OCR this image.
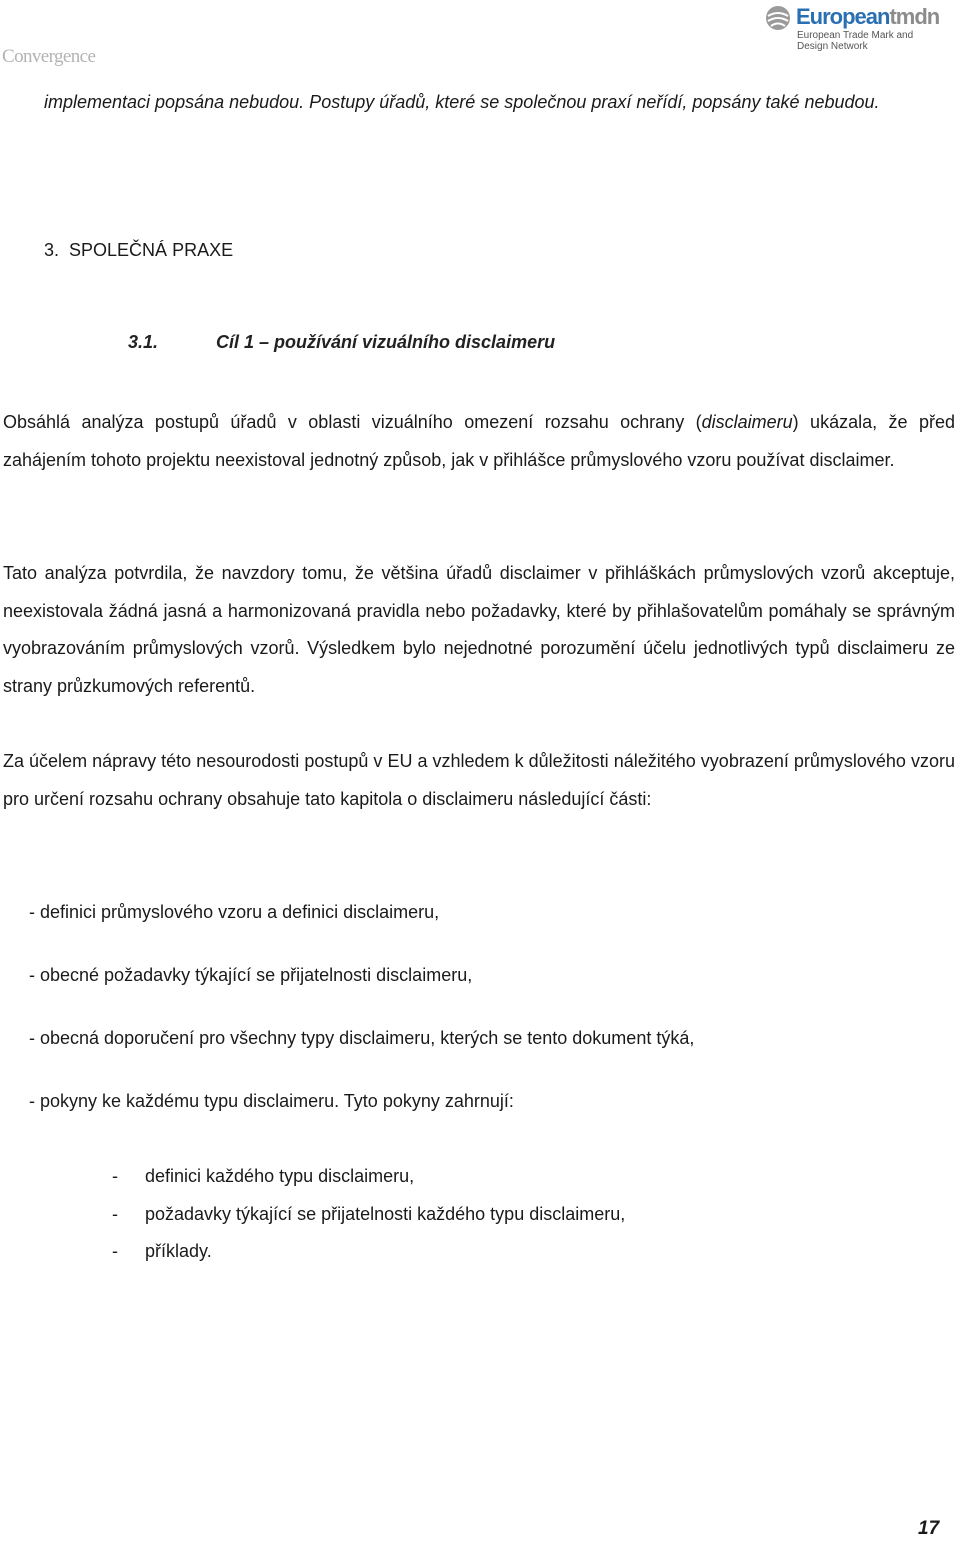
Convergence
Europeantmdn
European Trade Mark and
Design Network

implementaci popsána nebudou. Postupy úřadů, které se společnou praxí neřídí, popsány také nebudou.

3. SPOLEČNÁ PRAXE
3.1.	Cíl 1 – používání vizuálního disclaimeru

Obsáhlá analýza postupů úřadů v oblasti vizuálního omezení rozsahu ochrany (disclaimeru) ukázala, že před zahájením tohoto projektu neexistoval jednotný způsob, jak v přihlášce průmyslového vzoru používat disclaimer.

Tato analýza potvrdila, že navzdory tomu, že většina úřadů disclaimer v přihláškách průmyslových vzorů akceptuje, neexistovala žádná jasná a harmonizovaná pravidla nebo požadavky, které by přihlašovatelům pomáhaly se správným vyobrazováním průmyslových vzorů. Výsledkem bylo nejednotné porozumění účelu jednotlivých typů disclaimeru ze strany průzkumových referentů.

Za účelem nápravy této nesourodosti postupů v EU a vzhledem k důležitosti náležitého vyobrazení průmyslového vzoru pro určení rozsahu ochrany obsahuje tato kapitola o disclaimeru následující části:

- definici průmyslového vzoru a definici disclaimeru,
- obecné požadavky týkající se přijatelnosti disclaimeru,
- obecná doporučení pro všechny typy disclaimeru, kterých se tento dokument týká,
- pokyny ke každému typu disclaimeru. Tyto pokyny zahrnují:
- definici každého typu disclaimeru,
- požadavky týkající se přijatelnosti každého typu disclaimeru,
- příklady.
17
